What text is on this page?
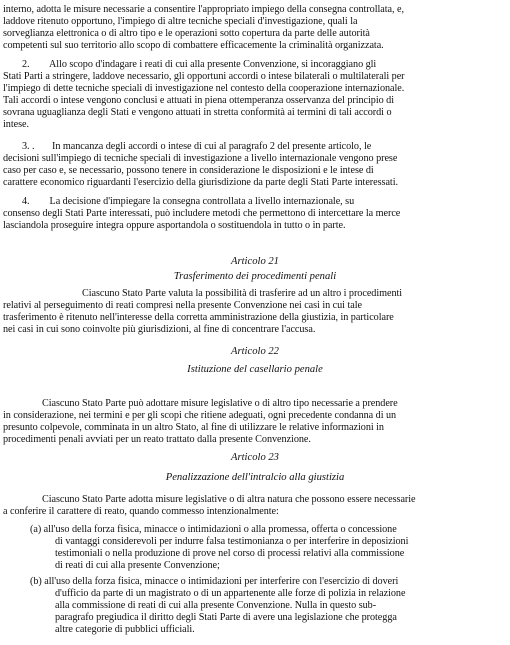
interno, adotta le misure necessarie a consentire l'appropriato impiego della consegna controllata, e,
laddove ritenuto opportuno, l'impiego di altre tecniche speciali d'investigazione, quali la
sorveglianza elettronica o di altro tipo e le operazioni sotto copertura da parte delle autorità
competenti sul suo territorio allo scopo di combattere efficacemente la criminalità organizzata.
2.        Allo scopo d'indagare i reati di cui alla presente Convenzione, si incoraggiano gli
Stati Parti a stringere, laddove necessario, gli opportuni accordi o intese bilaterali o multilaterali per
l'impiego di dette tecniche speciali di investigazione nel contesto della cooperazione internazionale.
Tali accordi o intese vengono conclusi e attuati in piena ottemperanza osservanza del principio di
sovrana uguaglianza degli Stati e vengono attuati in stretta conformità ai termini di tali accordi o
intese.
3. .       In mancanza degli accordi o intese di cui al paragrafo 2 del presente articolo, le
decisioni sull'impiego di tecniche speciali di investigazione a livello internazionale vengono prese
caso per caso e, se necessario, possono tenere in considerazione le disposizioni e le intese di
carattere economico riguardanti l'esercizio della giurisdizione da parte degli Stati Parte interessati.
4.        La decisione d'impiegare la consegna controllata a livello internazionale, su
consenso degli Stati Parte interessati, può includere metodi che permettono di intercettare la merce
lasciandola proseguire integra oppure asportandola o sostituendola in tutto o in parte.
Ciascuno Stato Parte valuta la possibilità di trasferire ad un altro i procedimenti
relativi al perseguimento di reati compresi nella presente Convenzione nei casi in cui tale
trasferimento è ritenuto nell'interesse della corretta amministrazione della giustizia, in particolare
nei casi in cui sono coinvolte più giurisdizioni, al fine di concentrare l'accusa.
Ciascuno Stato Parte può adottare misure legislative o di altro tipo necessarie a prendere
in considerazione, nei termini e per gli scopi che ritiene adeguati, ogni precedente condanna di un
presunto colpevole, comminata in un altro Stato, al fine di utilizzare le relative informazioni in
procedimenti penali avviati per un reato trattato dalla presente Convenzione.
Ciascuno Stato Parte adotta misure legislative o di altra natura che possono essere necessarie
a conferire il carattere di reato, quando commesso intenzionalmente:
(a) all'uso della forza fisica, minacce o intimidazioni o alla promessa, offerta o concessione
di vantaggi considerevoli per indurre falsa testimonianza o per interferire in deposizioni
testimoniali o nella produzione di prove nel corso di processi relativi alla commissione
di reati di cui alla presente Convenzione;
(b) all'uso della forza fisica, minacce o intimidazioni per interferire con l'esercizio di doveri
d'ufficio da parte di un magistrato o di un appartenente alle forze di polizia in relazione
alla commissione di reati di cui alla presente Convenzione. Nulla in questo sub-
paragrafo pregiudica il diritto degli Stati Parte di avere una legislazione che protegga
altre categorie di pubblici ufficiali.
Articolo 21
Trasferimento dei procedimenti penali
Articolo 22
Istituzione del casellario penale
Articolo 23
Penalizzazione dell'intralcio alla giustizia
